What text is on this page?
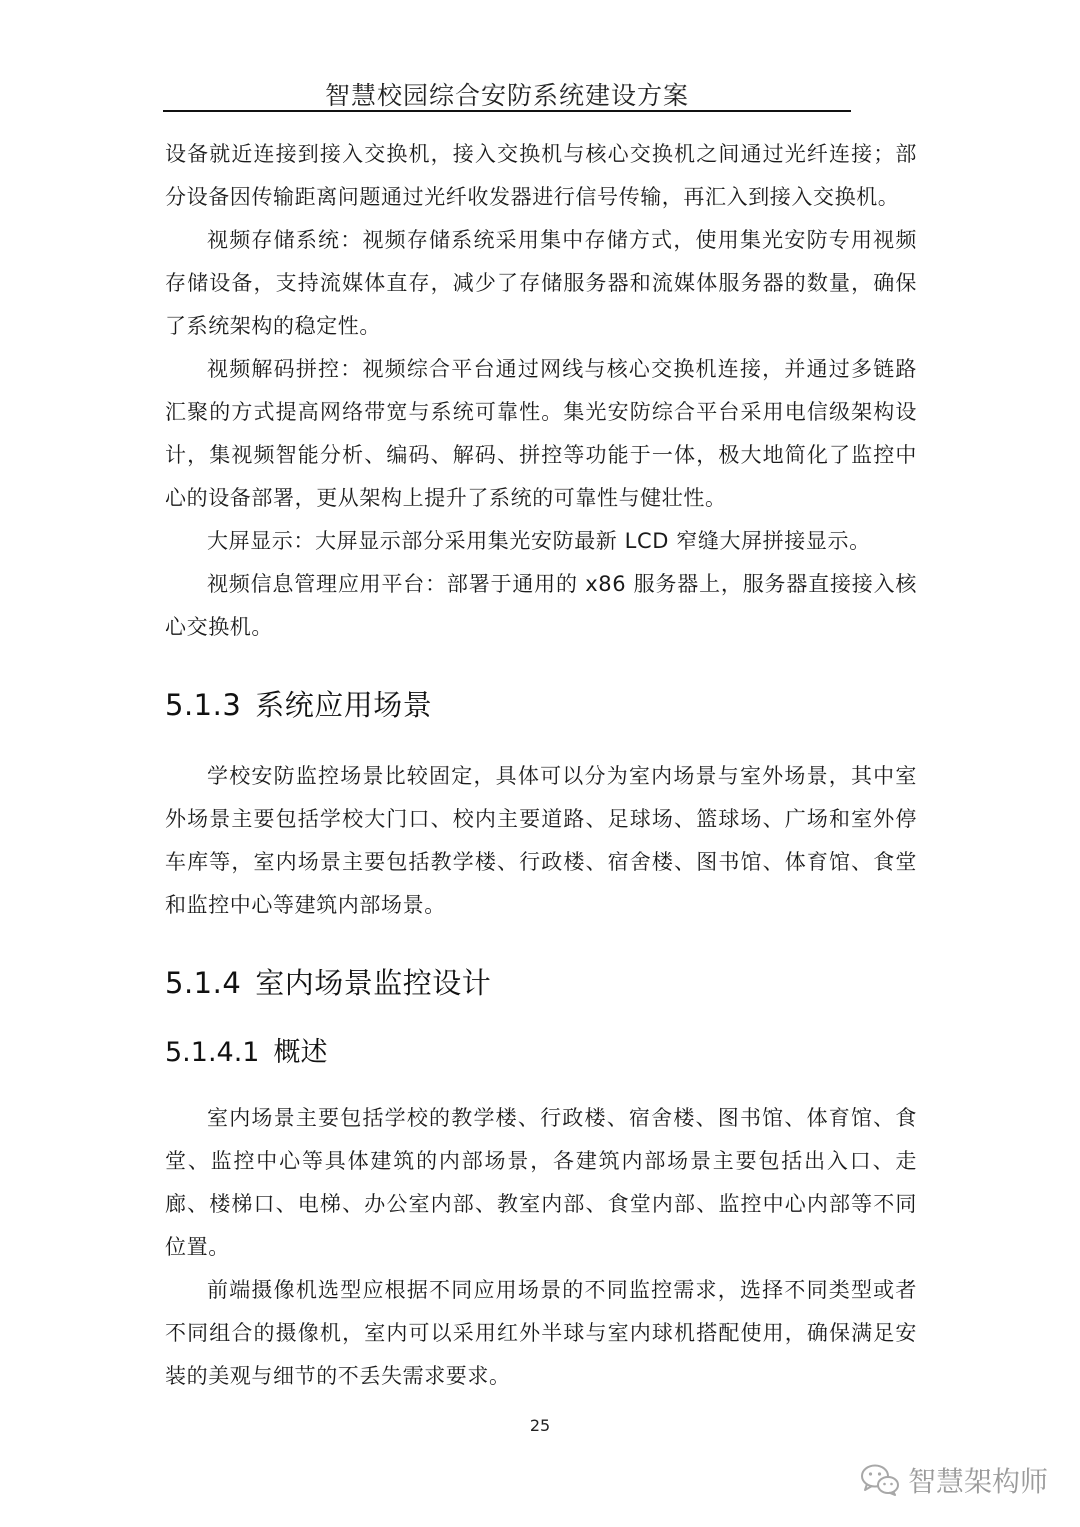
智慧校园综合安防系统建设方案

设备就近连接到接入交换机，接入交换机与核心交换机之间通过光纤连接；部分设备因传输距离问题通过光纤收发器进行信号传输，再汇入到接入交换机。

视频存储系统：视频存储系统采用集中存储方式，使用集光安防专用视频存储设备，支持流媒体直存，减少了存储服务器和流媒体服务器的数量，确保了系统架构的稳定性。

视频解码拼控：视频综合平台通过网线与核心交换机连接，并通过多链路汇聚的方式提高网络带宽与系统可靠性。集光安防综合平台采用电信级架构设计，集视频智能分析、编码、解码、拼控等功能于一体，极大地简化了监控中心的设备部署，更从架构上提升了系统的可靠性与健壮性。

大屏显示：大屏显示部分采用集光安防最新 LCD 窄缝大屏拼接显示。

视频信息管理应用平台：部署于通用的 x86 服务器上，服务器直接接入核心交换机。

5.1.3 系统应用场景

学校安防监控场景比较固定，具体可以分为室内场景与室外场景，其中室外场景主要包括学校大门口、校内主要道路、足球场、篮球场、广场和室外停车库等，室内场景主要包括教学楼、行政楼、宿舍楼、图书馆、体育馆、食堂和监控中心等建筑内部场景。

5.1.4 室内场景监控设计
5.1.4.1 概述

室内场景主要包括学校的教学楼、行政楼、宿舍楼、图书馆、体育馆、食堂、监控中心等具体建筑的内部场景，各建筑内部场景主要包括出入口、走廊、楼梯口、电梯、办公室内部、教室内部、食堂内部、监控中心内部等不同位置。

前端摄像机选型应根据不同应用场景的不同监控需求，选择不同类型或者不同组合的摄像机，室内可以采用红外半球与室内球机搭配使用，确保满足安装的美观与细节的不丢失需求要求。

25
智慧架构师
